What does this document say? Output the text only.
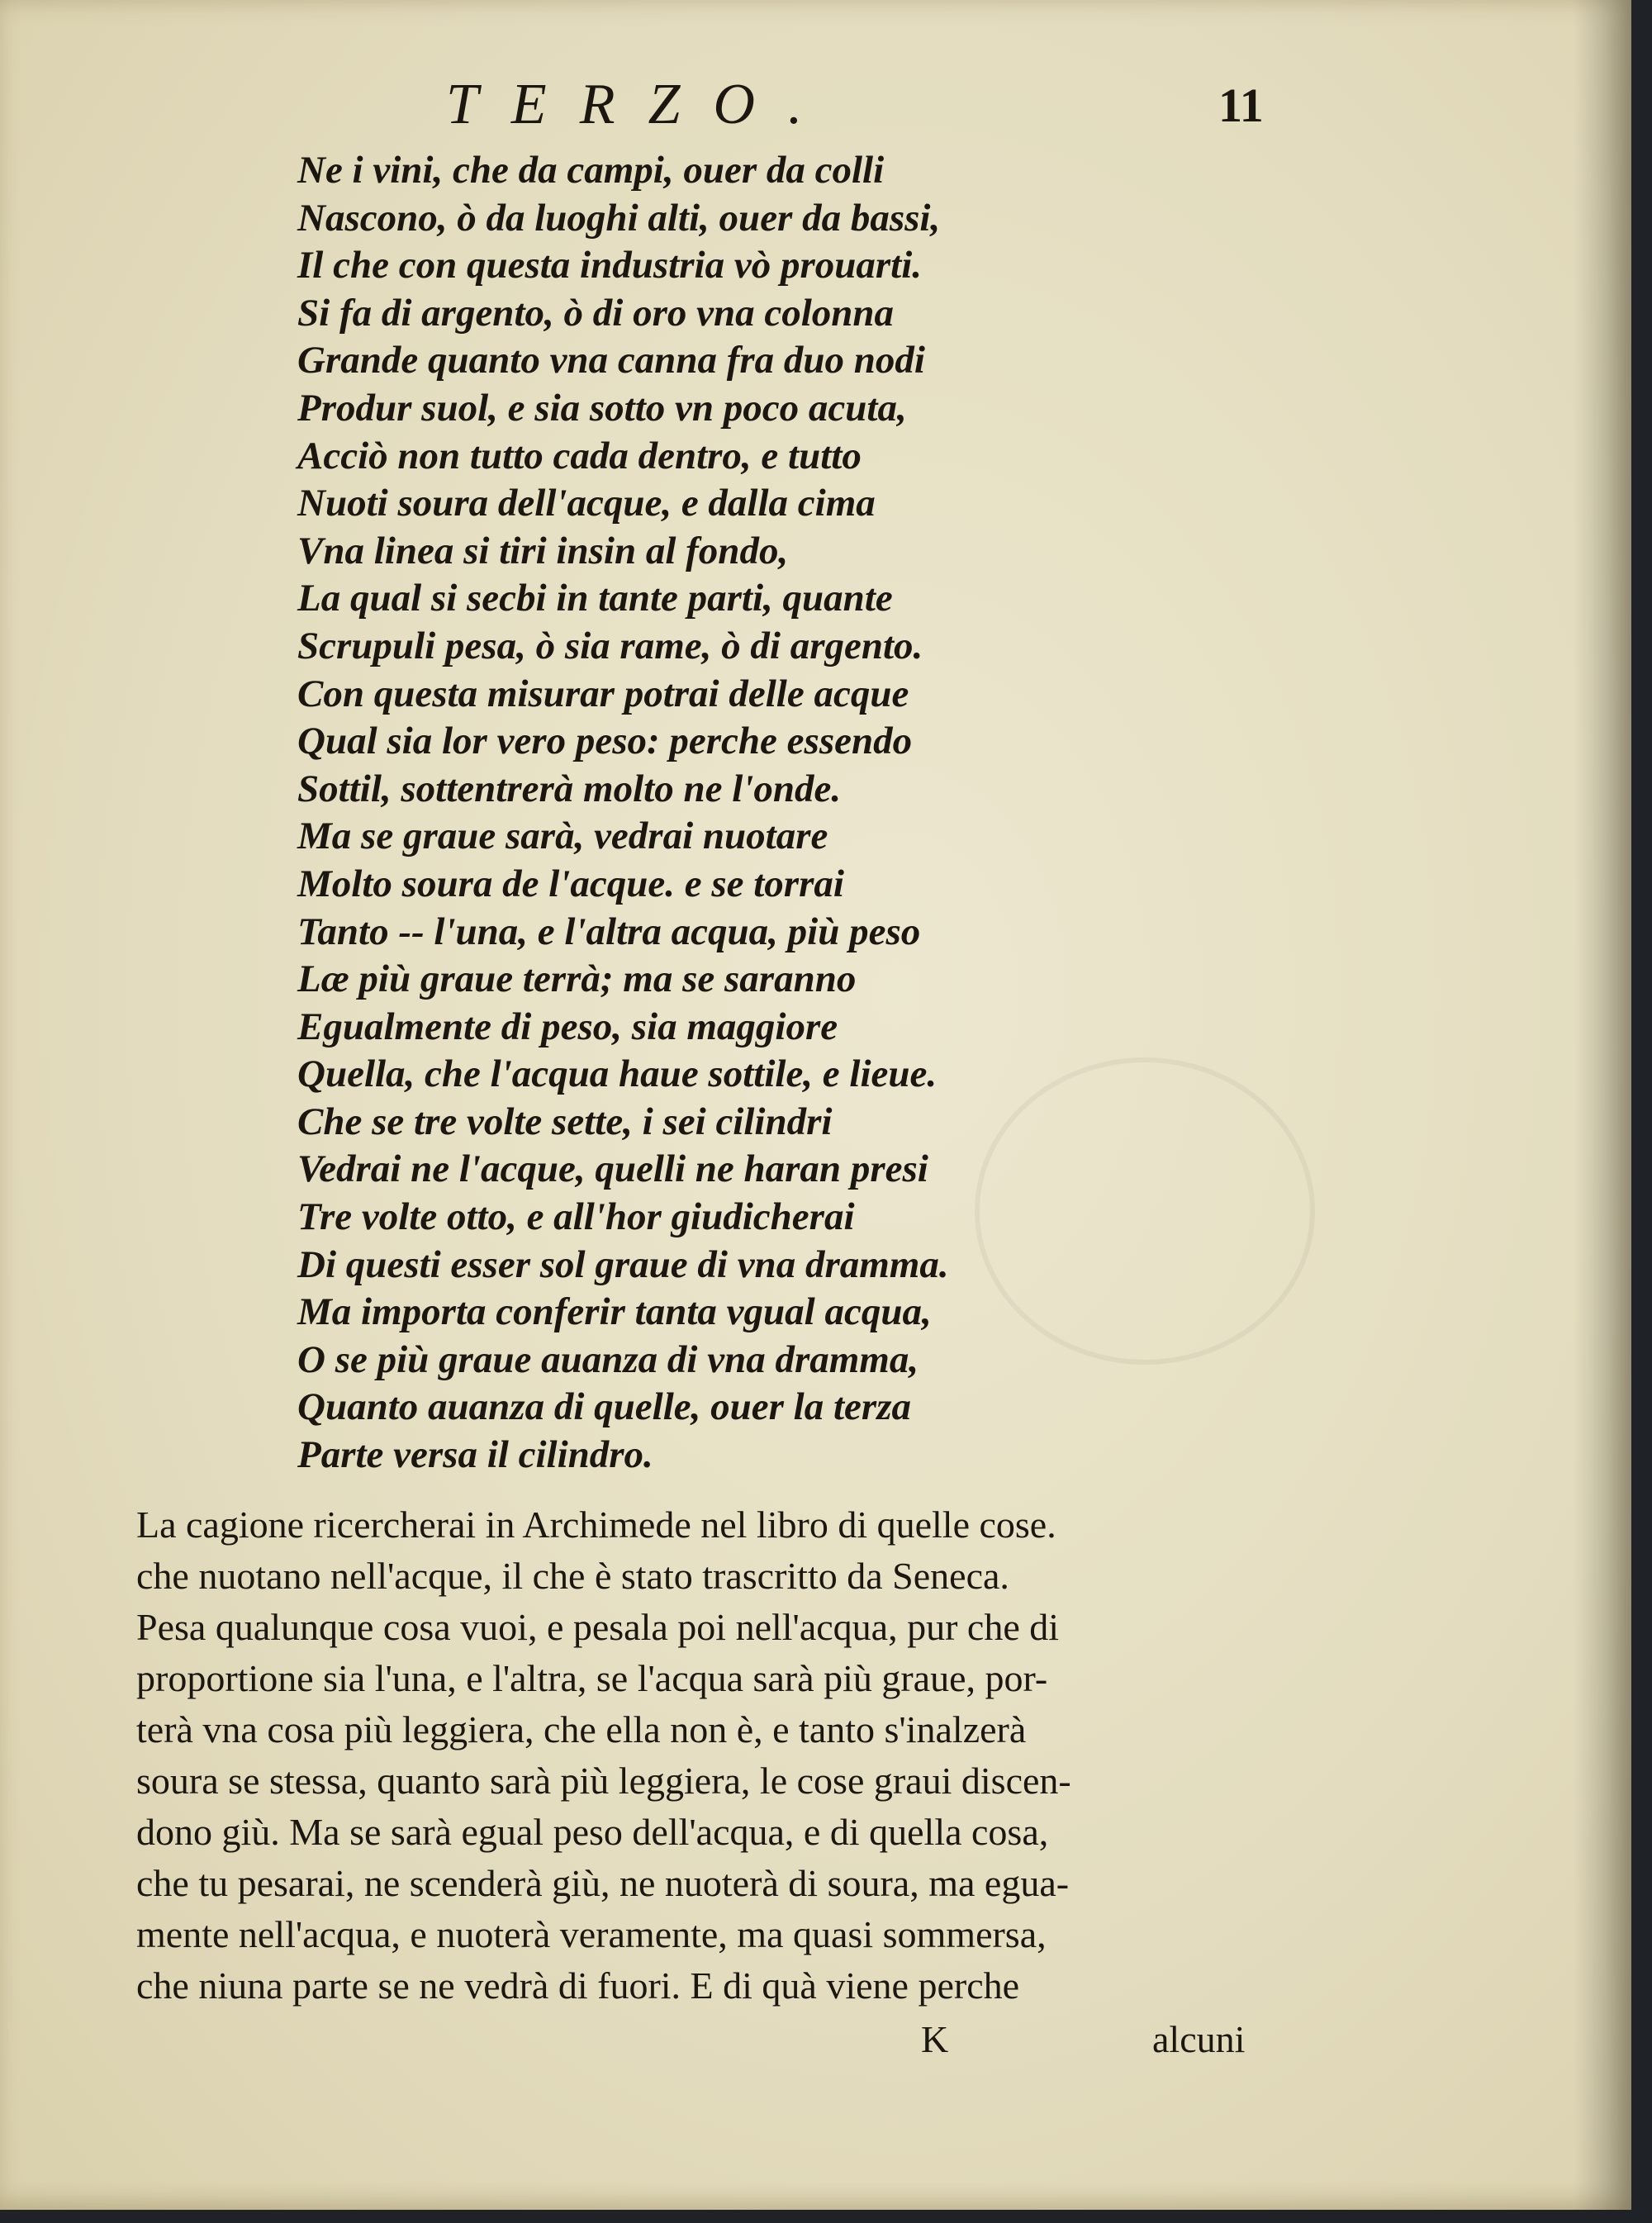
TERZO.	11
Ne i vini, che da campi, ouer da colli
Nascono, ò da luoghi alti, ouer da bassi,
Il che con questa industria vò prouarti.
Si fa di argento, ò di oro vna colonna
Grande quanto vna canna fra duo nodi
Produr suol, e sia sotto vn poco acuta,
Acciò non tutto cada dentro, e tutto
Nuoti soura dell'acque, e dalla cima
Vna linea si tiri insin al fondo,
La qual si secbi in tante parti, quante
Scrupuli pesa, ò sia rame, ò di argento.
Con questa misurar potrai delle acque
Qual sia lor vero peso: perche essendo
Sottil, sottentrerà molto ne l'onde.
Ma se graue sarà, vedrai nuotare
Molto soura de l'acque. e se torrai
Tanto -- l'una, e l'altra acqua, più peso
Læ più graue terrà; ma se saranno
Egualmente di peso, sia maggiore
Quella, che l'acqua haue sottile, e lieue.
Che se tre volte sette, i sei cilindri
Vedrai ne l'acque, quelli ne haran presi
Tre volte otto, e all'hor giudicherai
Di questi esser sol graue di vna dramma.
Ma importa conferir tanta vgual acqua,
O se più graue auanza di vna dramma,
Quanto auanza di quelle, ouer la terza
Parte versa il cilindro.
La cagione ricercherai in Archimede nel libro di quelle cose.
che nuotano nell'acque, il che è stato trascritto da Seneca.
Pesa qualunque cosa vuoi, e pesala poi nell'acqua, pur che di
proportione sia l'una, e l'altra, se l'acqua sarà più graue, por-
terà vna cosa più leggiera, che ella non è, e tanto s'inalzerà
soura se stessa, quanto sarà più leggiera, le cose graui discen-
dono giù. Ma se sarà egual peso dell'acqua, e di quella cosa,
che tu pesarai, ne scenderà giù, ne nuoterà di soura, ma egua-
mente nell'acqua, e nuoterà veramente, ma quasi sommersa,
che niuna parte se ne vedrà di fuori. E di quà viene perche
K	alcuni
